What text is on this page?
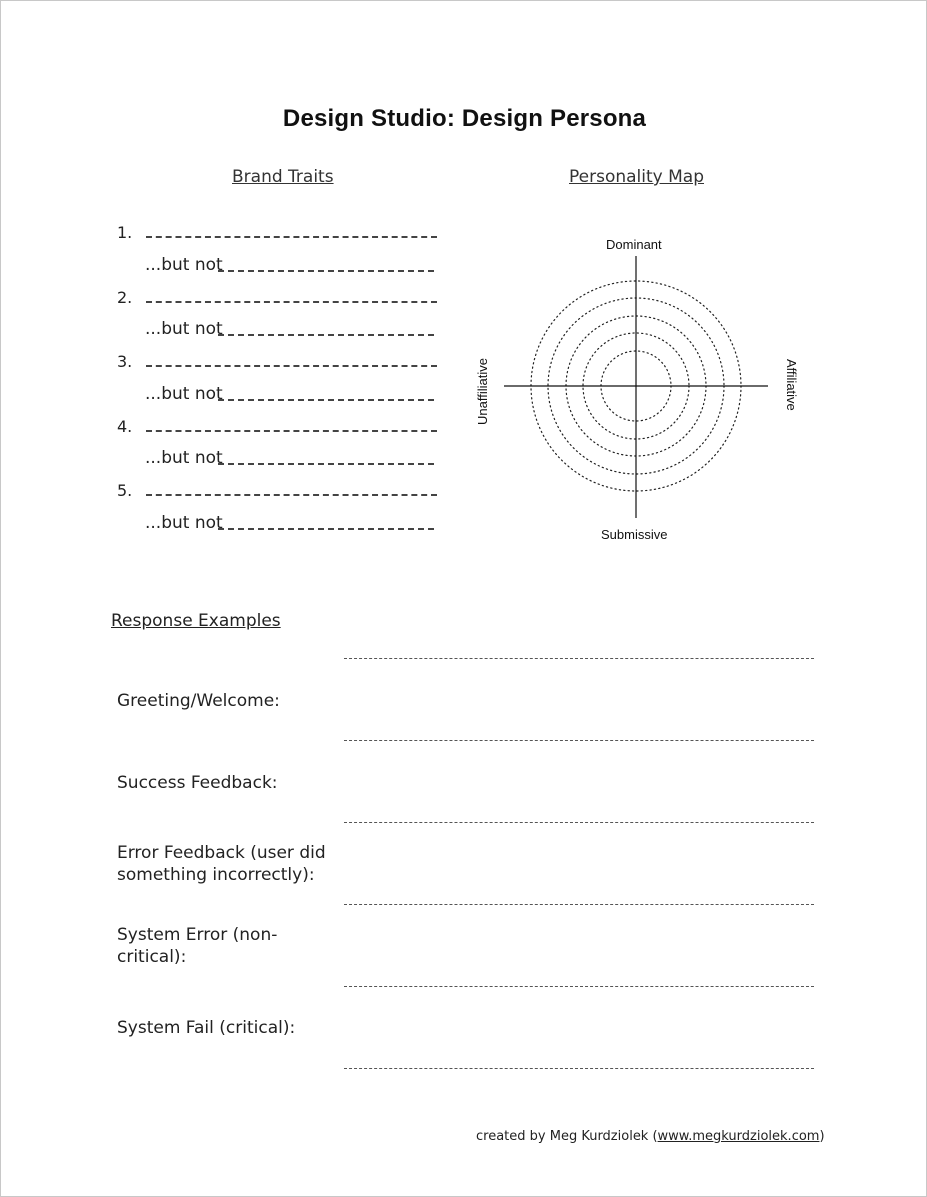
Design Studio: Design Persona
Brand Traits	Personality Map
1.
...but not
2.
...but not
3.
...but not
4.
...but not
5.
...but not
Dominant
Submissive
Unaffiliative	Affiliative
Response Examples
Greeting/Welcome:
Success Feedback:
Error Feedback (user did something incorrectly):
System Error (non-critical):
System Fail (critical):
created by Meg Kurdziolek (www.megkurdziolek.com)
